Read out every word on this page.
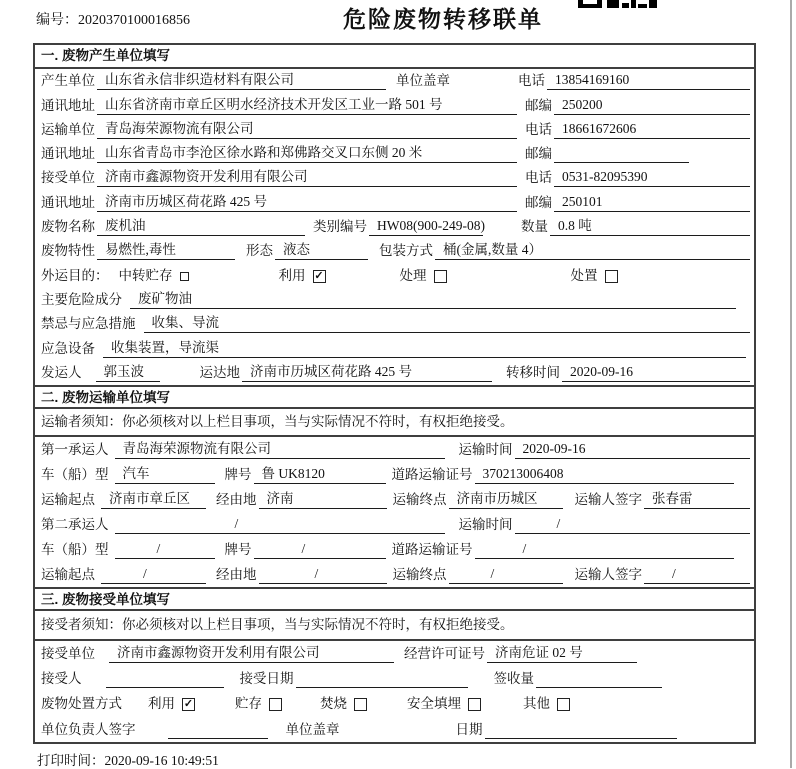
编号：2020370100016856	危险废物转移联单
一. 废物产生单位填写
产生单位 山东省永信非织造材料有限公司	单位盖章	电话 13854169160
通讯地址 山东省济南市章丘区明水经济技术开发区工业一路 501 号	邮编 250200
运输单位 青岛海荣源物流有限公司	电话 18661672606
通讯地址 山东省青岛市李沧区徐水路和郑佛路交叉口东侧 20 米	邮编
接受单位 济南市鑫源物资开发利用有限公司	电话 0531-82095390
通讯地址 济南市历城区荷花路 425 号	邮编 250101
废物名称 废机油	类别编号 HW08(900-249-08)	数量 0.8 吨
废物特性 易燃性,毒性	形态 液态	包装方式 桶(金属,数量 4）
外运目的： 中转贮存	利用 ✓	处理	处置
主要危险成分	废矿物油
禁忌与应急措施	收集、导流
应急设备	收集装置，导流渠
发运人	郭玉波	运达地 济南市历城区荷花路 425 号	转移时间 2020-09-16
二. 废物运输单位填写
运输者须知：你必须核对以上栏目事项，当与实际情况不符时，有权拒绝接受。
第一承运人	青岛海荣源物流有限公司	运输时间 2020-09-16
车（船）型	汽车	牌号 鲁 UK8120	道路运输证号 370213006408
运输起点	济南市章丘区	经由地 济南	运输终点 济南市历城区	运输人签字 张春雷
第二承运人	/	运输时间	/
车（船）型	/	牌号	/	道路运输证号	/
运输起点	/	经由地	/	运输终点	/	运输人签字	/
三. 废物接受单位填写
接受者须知：你必须核对以上栏目事项，当与实际情况不符时，有权拒绝接受。
接受单位	济南市鑫源物资开发利用有限公司	经营许可证号 济南危证 02 号
接受人	接受日期	签收量
废物处置方式 利用 ✓	贮存	焚烧	安全填埋	其他
单位负责人签字	单位盖章	日期
打印时间：2020-09-16 10:49:51
